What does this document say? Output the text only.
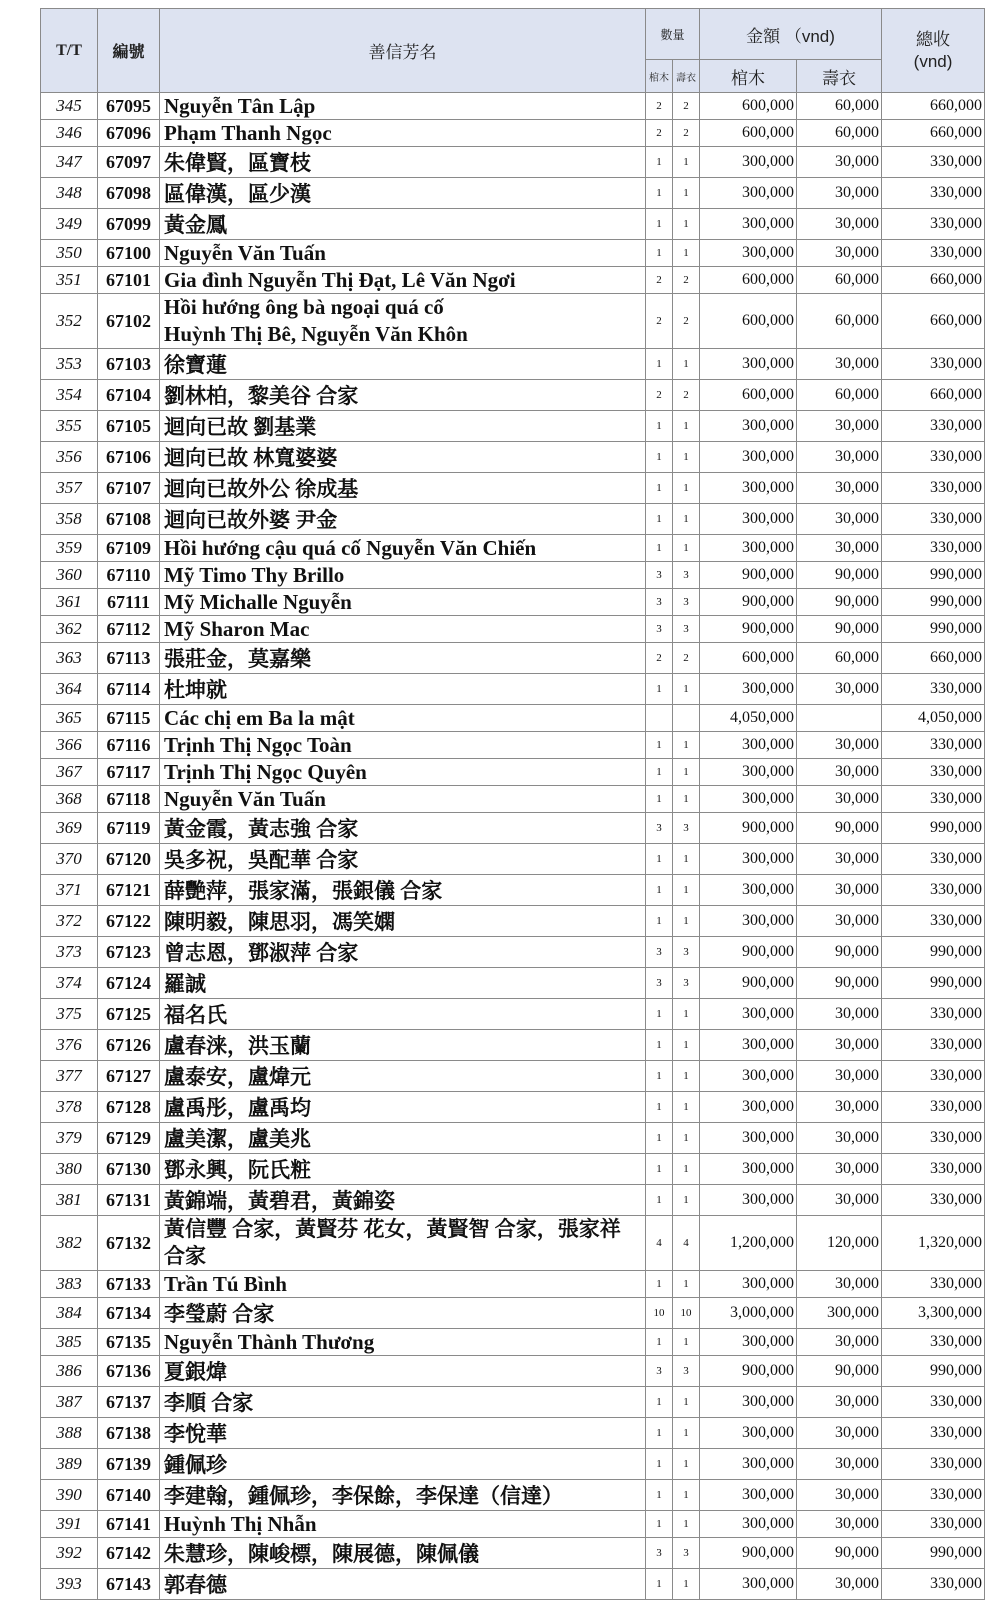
T/T	編號	善信芳名	數量		金額 （vnd)		總收
(vnd)
			棺木	壽衣	棺木	壽衣	
345	67095	Nguyễn Tân Lập	2	2	600,000	60,000	660,000
346	67096	Phạm Thanh Ngọc	2	2	600,000	60,000	660,000
347	67097	朱偉賢，區寶枝	1	1	300,000	30,000	330,000
348	67098	區偉漢，區少漢	1	1	300,000	30,000	330,000
349	67099	黃金鳳	1	1	300,000	30,000	330,000
350	67100	Nguyễn Văn Tuấn	1	1	300,000	30,000	330,000
351	67101	Gia đình Nguyễn Thị Đạt, Lê Văn Ngơi	2	2	600,000	60,000	660,000
352	67102	Hồi hướng ông bà ngoại quá cố
Huỳnh Thị Bê, Nguyễn Văn Khôn	2	2	600,000	60,000	660,000
353	67103	徐寶蓮	1	1	300,000	30,000	330,000
354	67104	劉林柏，黎美谷 合家	2	2	600,000	60,000	660,000
355	67105	迴向已故 劉基業	1	1	300,000	30,000	330,000
356	67106	迴向已故 林寬婆婆	1	1	300,000	30,000	330,000
357	67107	迴向已故外公 徐成基	1	1	300,000	30,000	330,000
358	67108	迴向已故外婆 尹金	1	1	300,000	30,000	330,000
359	67109	Hồi hướng cậu quá cố Nguyễn Văn Chiến	1	1	300,000	30,000	330,000
360	67110	Mỹ Timo Thy Brillo	3	3	900,000	90,000	990,000
361	67111	Mỹ Michalle Nguyễn	3	3	900,000	90,000	990,000
362	67112	Mỹ Sharon Mac	3	3	900,000	90,000	990,000
363	67113	張莊金，莫嘉樂	2	2	600,000	60,000	660,000
364	67114	杜坤就	1	1	300,000	30,000	330,000
365	67115	Các chị em Ba la mật			4,050,000		4,050,000
366	67116	Trịnh Thị Ngọc Toàn	1	1	300,000	30,000	330,000
367	67117	Trịnh Thị Ngọc Quyên	1	1	300,000	30,000	330,000
368	67118	Nguyễn Văn Tuấn	1	1	300,000	30,000	330,000
369	67119	黃金霞，黃志強 合家	3	3	900,000	90,000	990,000
370	67120	吳多祝，吳配華 合家	1	1	300,000	30,000	330,000
371	67121	薛艷萍，張家滿，張銀儀 合家	1	1	300,000	30,000	330,000
372	67122	陳明毅，陳思羽，馮笑嫻	1	1	300,000	30,000	330,000
373	67123	曾志恩，鄧淑萍 合家	3	3	900,000	90,000	990,000
374	67124	羅誠	3	3	900,000	90,000	990,000
375	67125	福名氏	1	1	300,000	30,000	330,000
376	67126	盧春涞，洪玉蘭	1	1	300,000	30,000	330,000
377	67127	盧泰安，盧煒元	1	1	300,000	30,000	330,000
378	67128	盧禹彤，盧禹均	1	1	300,000	30,000	330,000
379	67129	盧美潔，盧美兆	1	1	300,000	30,000	330,000
380	67130	鄧永興，阮氏粧	1	1	300,000	30,000	330,000
381	67131	黃錦端，黃碧君，黃錦姿	1	1	300,000	30,000	330,000
382	67132	黃信豐 合家，黃賢芬 花女，黃賢智 合家，張家祥 合家	4	4	1,200,000	120,000	1,320,000
383	67133	Trần Tú Bình	1	1	300,000	30,000	330,000
384	67134	李瑩蔚 合家	10	10	3,000,000	300,000	3,300,000
385	67135	Nguyễn Thành Thương	1	1	300,000	30,000	330,000
386	67136	夏銀煒	3	3	900,000	90,000	990,000
387	67137	李順 合家	1	1	300,000	30,000	330,000
388	67138	李悅華	1	1	300,000	30,000	330,000
389	67139	鍾佩珍	1	1	300,000	30,000	330,000
390	67140	李建翰，鍾佩珍，李保餘，李保達（信達）	1	1	300,000	30,000	330,000
391	67141	Huỳnh Thị Nhẫn	1	1	300,000	30,000	330,000
392	67142	朱慧珍，陳峻標，陳展德，陳佩儀	3	3	900,000	90,000	990,000
393	67143	郭春德	1	1	300,000	30,000	330,000
